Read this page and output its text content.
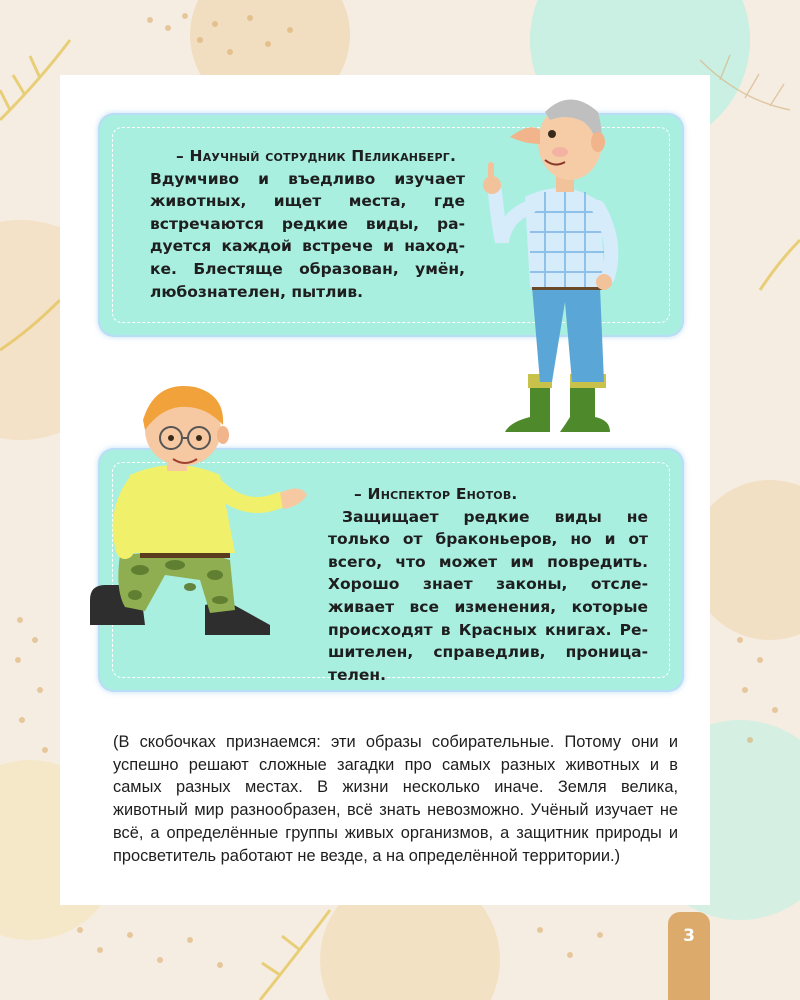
– Научный сотрудник Пеликанберг.
Вдумчиво и въедливо изучает животных, ищет места, где встречаются редкие виды, радуется каждой встрече и находке. Блестяще образован, умён, любознателен, пытлив.
– Инспектор Енотов.
Защищает редкие виды не только от браконьеров, но и от всего, что может им повредить. Хорошо знает законы, отслеживает все изменения, которые происходят в Красных книгах. Решителен, справедлив, проницателен.
(В скобочках признаемся: эти образы собирательные. Потому они и успешно решают сложные загадки про самых разных животных и в самых разных местах. В жизни несколько иначе. Земля велика, животный мир разнообразен, всё знать невозможно. Учёный изучает не всё, а определённые группы живых организмов, а защитник природы и просветитель работают не везде, а на определённой территории.)
3
